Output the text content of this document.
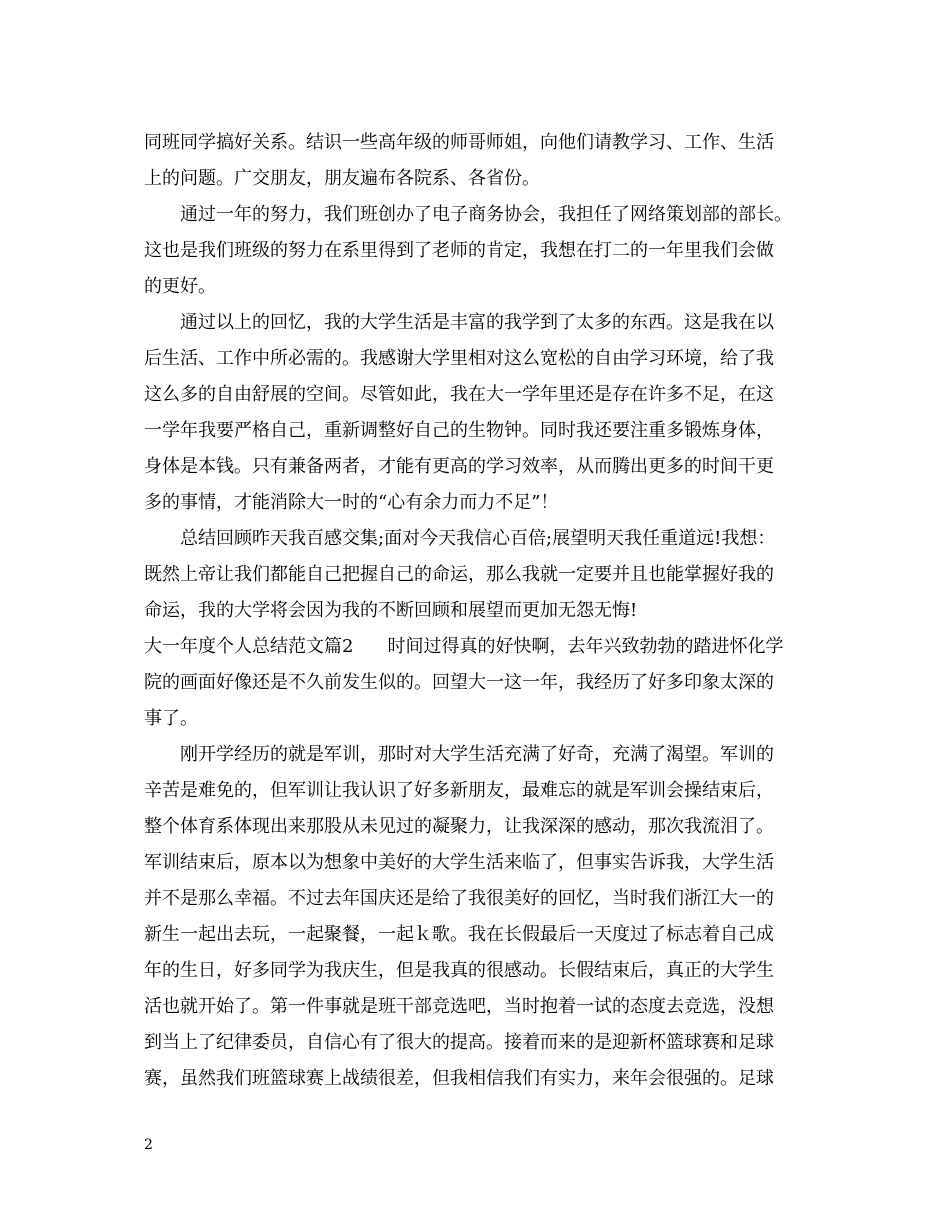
同班同学搞好关系。结识一些高年级的师哥师姐，向他们请教学习、工作、生活
上的问题。广交朋友，朋友遍布各院系、各省份。
通过一年的努力，我们班创办了电子商务协会，我担任了网络策划部的部长。
这也是我们班级的努力在系里得到了老师的肯定，我想在打二的一年里我们会做
的更好。
通过以上的回忆，我的大学生活是丰富的我学到了太多的东西。这是我在以
后生活、工作中所必需的。我感谢大学里相对这么宽松的自由学习环境，给了我
这么多的自由舒展的空间。尽管如此，我在大一学年里还是存在许多不足，在这
一学年我要严格自己，重新调整好自己的生物钟。同时我还要注重多锻炼身体，
身体是本钱。只有兼备两者，才能有更高的学习效率，从而腾出更多的时间干更
多的事情，才能消除大一时的“心有余力而力不足”！
总结回顾昨天我百感交集;面对今天我信心百倍;展望明天我任重道远!我想：
既然上帝让我们都能自己把握自己的命运，那么我就一定要并且也能掌握好我的
命运，我的大学将会因为我的不断回顾和展望而更加无怨无悔!
大一年度个人总结范文篇2 时间过得真的好快啊，去年兴致勃勃的踏进怀化学
院的画面好像还是不久前发生似的。回望大一这一年，我经历了好多印象太深的
事了。
刚开学经历的就是军训，那时对大学生活充满了好奇，充满了渴望。军训的
辛苦是难免的，但军训让我认识了好多新朋友，最难忘的就是军训会操结束后，
整个体育系体现出来那股从未见过的凝聚力，让我深深的感动，那次我流泪了。
军训结束后，原本以为想象中美好的大学生活来临了，但事实告诉我，大学生活
并不是那么幸福。不过去年国庆还是给了我很美好的回忆，当时我们浙江大一的
新生一起出去玩，一起聚餐，一起ｋ歌。我在长假最后一天度过了标志着自己成
年的生日，好多同学为我庆生，但是我真的很感动。长假结束后，真正的大学生
活也就开始了。第一件事就是班干部竞选吧，当时抱着一试的态度去竞选，没想
到当上了纪律委员，自信心有了很大的提高。接着而来的是迎新杯篮球赛和足球
赛，虽然我们班篮球赛上战绩很差，但我相信我们有实力，来年会很强的。足球
2
